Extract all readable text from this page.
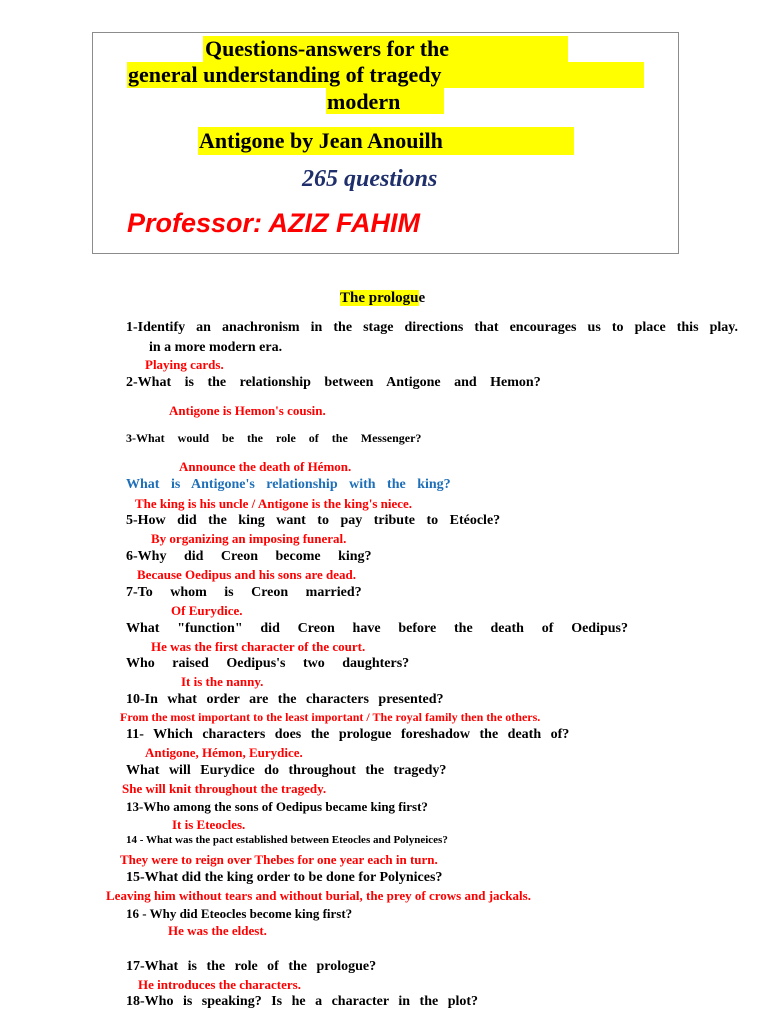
Questions-answers for the
general understanding of tragedy
modern
Antigone by Jean Anouilh
265 questions
Professor: AZIZ FAHIM
The prologue
1-Identify an anachronism in the stage directions that encourages us to place this play.
in a more modern era.
Playing cards.
2-What is the relationship between Antigone and Hemon?
Antigone is Hemon's cousin.
3-What would be the role of the Messenger?
Announce the death of Hémon.
What is Antigone's relationship with the king?
The king is his uncle / Antigone is the king's niece.
5-How did the king want to pay tribute to Etéocle?
By organizing an imposing funeral.
6-Why did Creon become king?
Because Oedipus and his sons are dead.
7-To whom is Creon married?
Of Eurydice.
What "function" did Creon have before the death of Oedipus?
He was the first character of the court.
Who raised Oedipus's two daughters?
It is the nanny.
10-In what order are the characters presented?
From the most important to the least important / The royal family then the others.
11- Which characters does the prologue foreshadow the death of?
Antigone, Hémon, Eurydice.
What will Eurydice do throughout the tragedy?
She will knit throughout the tragedy.
13-Who among the sons of Oedipus became king first?
It is Eteocles.
14 - What was the pact established between Eteocles and Polyneices?
They were to reign over Thebes for one year each in turn.
15-What did the king order to be done for Polynices?
Leaving him without tears and without burial, the prey of crows and jackals.
16 - Why did Eteocles become king first?
He was the eldest.
17-What is the role of the prologue?
He introduces the characters.
18-Who is speaking? Is he a character in the plot?
